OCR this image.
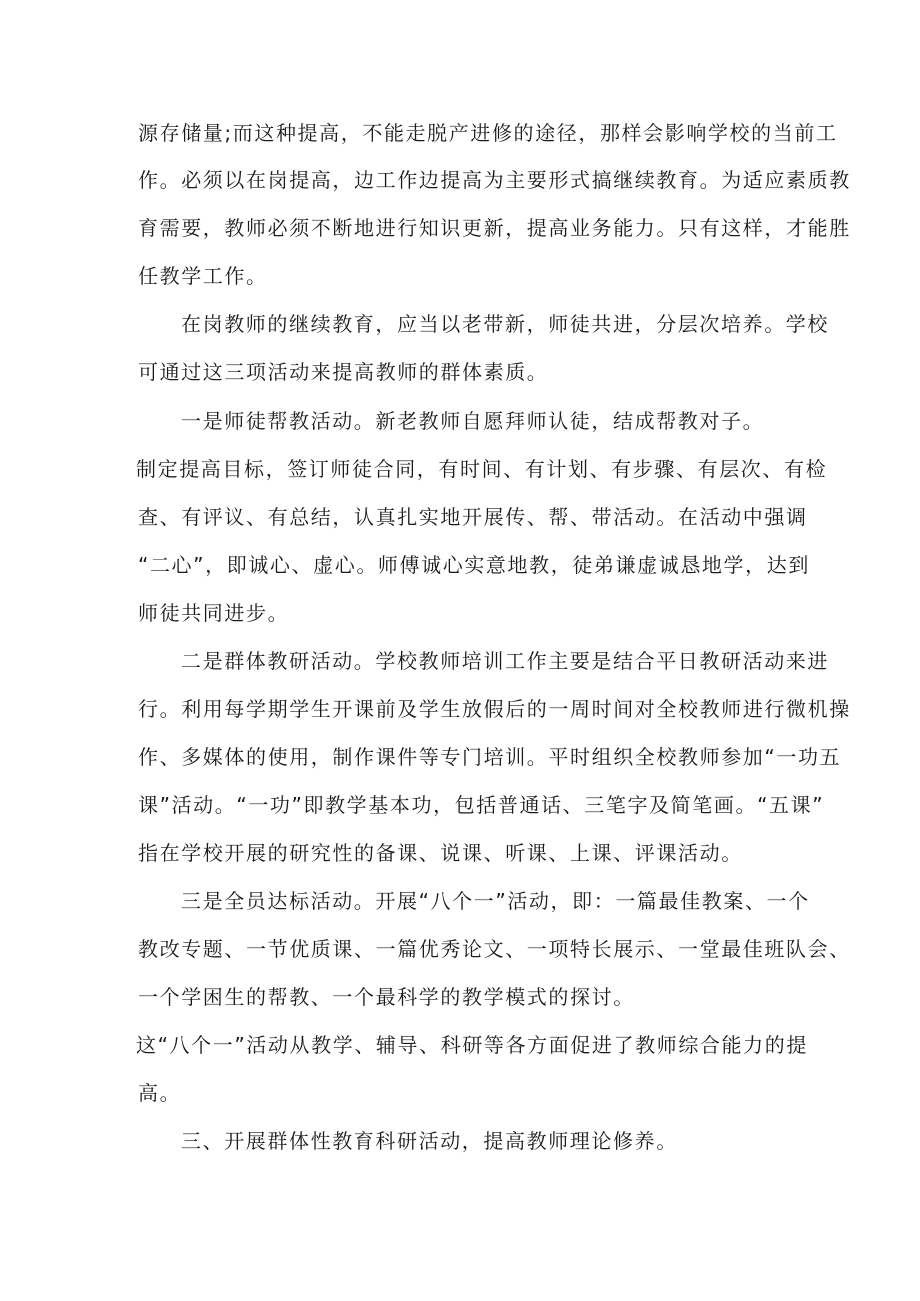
源存储量;而这种提高，不能走脱产进修的途径，那样会影响学校的当前工
作。必须以在岗提高，边工作边提高为主要形式搞继续教育。为适应素质教
育需要，教师必须不断地进行知识更新，提高业务能力。只有这样，才能胜
任教学工作。
在岗教师的继续教育，应当以老带新，师徒共进，分层次培养。学校
可通过这三项活动来提高教师的群体素质。
一是师徒帮教活动。新老教师自愿拜师认徒，结成帮教对子。
制定提高目标，签订师徒合同，有时间、有计划、有步骤、有层次、有检
查、有评议、有总结，认真扎实地开展传、帮、带活动。在活动中强调
“二心”，即诚心、虚心。师傅诚心实意地教，徒弟谦虚诚恳地学，达到
师徒共同进步。
二是群体教研活动。学校教师培训工作主要是结合平日教研活动来进
行。利用每学期学生开课前及学生放假后的一周时间对全校教师进行微机操
作、多媒体的使用，制作课件等专门培训。平时组织全校教师参加“一功五
课”活动。“一功”即教学基本功，包括普通话、三笔字及简笔画。“五课”
指在学校开展的研究性的备课、说课、听课、上课、评课活动。
三是全员达标活动。开展“八个一”活动，即：一篇最佳教案、一个
教改专题、一节优质课、一篇优秀论文、一项特长展示、一堂最佳班队会、
一个学困生的帮教、一个最科学的教学模式的探讨。
这“八个一”活动从教学、辅导、科研等各方面促进了教师综合能力的提
高。
三、开展群体性教育科研活动，提高教师理论修养。
